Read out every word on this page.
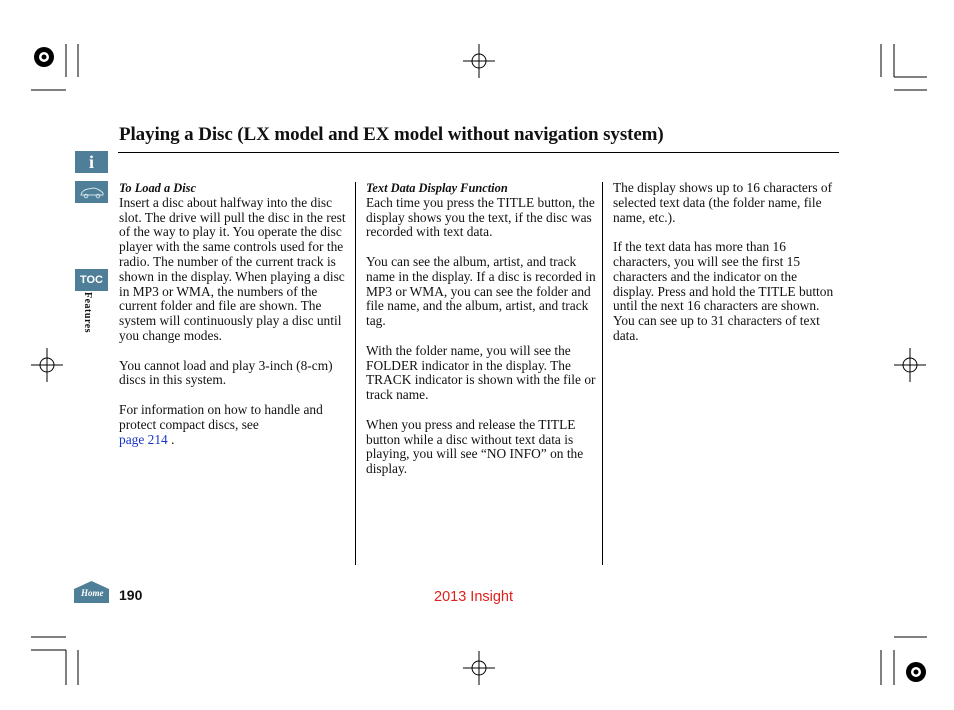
i
TOC
Features
Playing a Disc (LX model and EX model without navigation system)
To Load a Disc

Insert a disc about halfway into the disc slot. The drive will pull the disc in the rest of the way to play it. You operate the disc player with the same controls used for the radio. The number of the current track is shown in the display. When playing a disc in MP3 or WMA, the numbers of the current folder and file are shown. The system will continuously play a disc until you change modes.

You cannot load and play 3-inch (8-cm) discs in this system.

For information on how to handle and protect compact discs, see
page 214 .

Text Data Display Function

Each time you press the TITLE button, the display shows you the text, if the disc was recorded with text data.

You can see the album, artist, and track name in the display. If a disc is recorded in MP3 or WMA, you can see the folder and file name, and the album, artist, and track tag.

With the folder name, you will see the FOLDER indicator in the display. The TRACK indicator is shown with the file or track name.

When you press and release the TITLE button while a disc without text data is playing, you will see “NO INFO” on the display.

The display shows up to 16 characters of selected text data (the folder name, file name, etc.).

If the text data has more than 16 characters, you will see the first 15 characters and the indicator on the display. Press and hold the TITLE button until the next 16 characters are shown. You can see up to 31 characters of text data.

Home 190	2013 Insight
